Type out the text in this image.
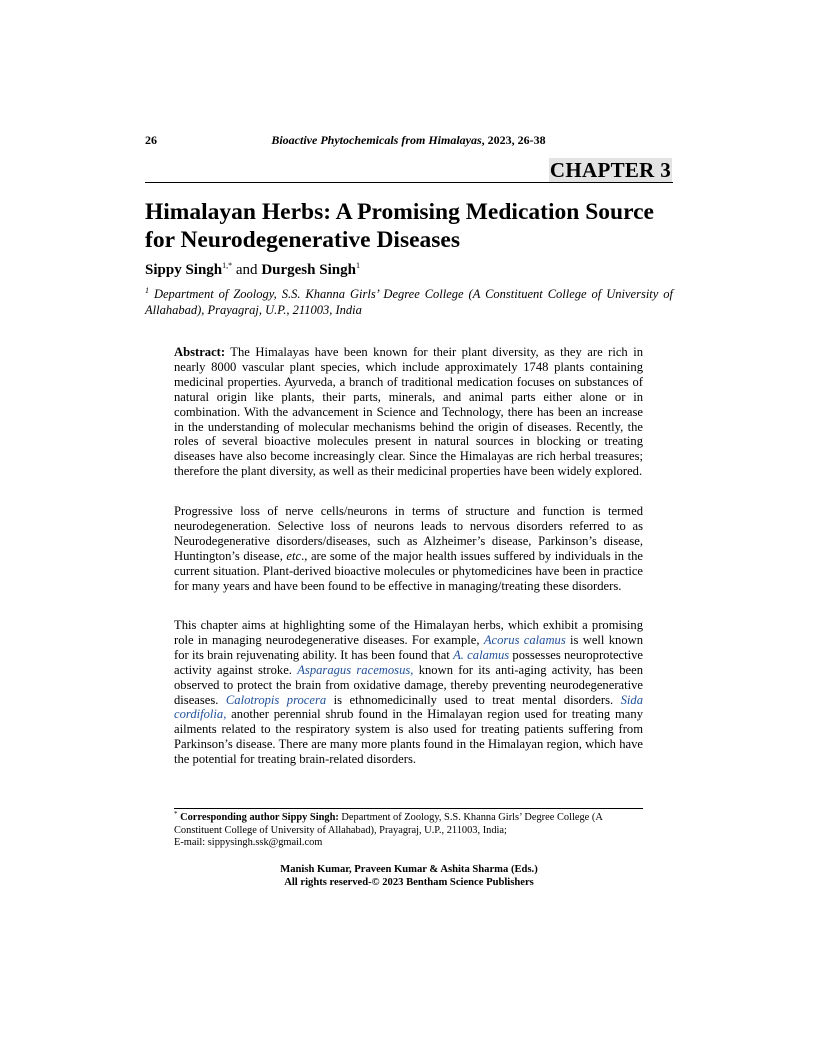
26	Bioactive Phytochemicals from Himalayas, 2023, 26-38
CHAPTER 3
Himalayan Herbs: A Promising Medication Source
for Neurodegenerative Diseases
Sippy Singh$^{1,*}$ and Durgesh Singh$^1$
$^1$ Department of Zoology, S.S. Khanna Girls’ Degree College (A Constituent College of University of Allahabad), Prayagraj, U.P., 211003, India
Abstract: The Himalayas have been known for their plant diversity, as they are rich in nearly 8000 vascular plant species, which include approximately 1748 plants containing medicinal properties. Ayurveda, a branch of traditional medication focuses on substances of natural origin like plants, their parts, minerals, and animal parts either alone or in combination. With the advancement in Science and Technology, there has been an increase in the understanding of molecular mechanisms behind the origin of diseases. Recently, the roles of several bioactive molecules present in natural sources in blocking or treating diseases have also become increasingly clear. Since the Himalayas are rich herbal treasures; therefore the plant diversity, as well as their medicinal properties have been widely explored.
Progressive loss of nerve cells/neurons in terms of structure and function is termed neurodegeneration. Selective loss of neurons leads to nervous disorders referred to as Neurodegenerative disorders/diseases, such as Alzheimer’s disease, Parkinson’s disease, Huntington’s disease, etc., are some of the major health issues suffered by individuals in the current situation. Plant-derived bioactive molecules or phytomedicines have been in practice for many years and have been found to be effective in managing/treating these disorders.
This chapter aims at highlighting some of the Himalayan herbs, which exhibit a promising role in managing neurodegenerative diseases. For example, Acorus calamus is well known for its brain rejuvenating ability. It has been found that A. calamus possesses neuroprotective activity against stroke. Asparagus racemosus, known for its anti-aging activity, has been observed to protect the brain from oxidative damage, thereby preventing neurodegenerative diseases. Calotropis procera is ethnomedicinally used to treat mental disorders. Sida cordifolia, another perennial shrub found in the Himalayan region used for treating many ailments related to the respiratory system is also used for treating patients suffering from Parkinson’s disease. There are many more plants found in the Himalayan region, which have the potential for treating brain-related disorders.
* Corresponding author Sippy Singh: Department of Zoology, S.S. Khanna Girls’ Degree College (A Constituent College of University of Allahabad), Prayagraj, U.P., 211003, India;
E-mail: sippysingh.ssk@gmail.com
Manish Kumar, Praveen Kumar & Ashita Sharma (Eds.)
All rights reserved-© 2023 Bentham Science Publishers
